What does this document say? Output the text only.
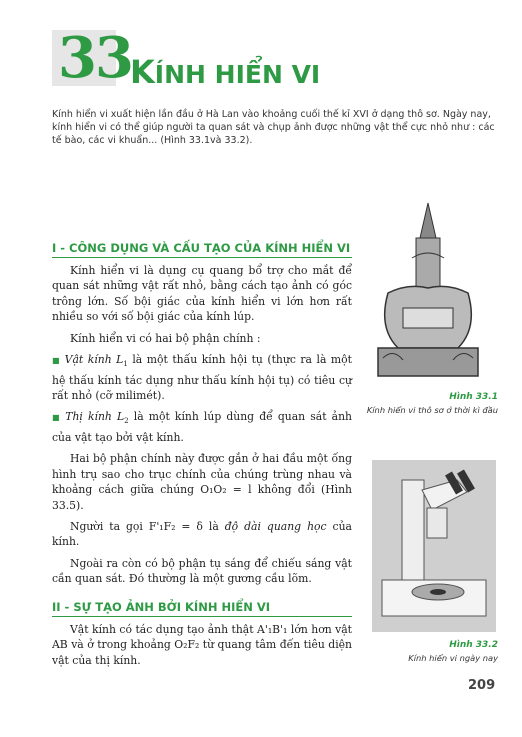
33
KÍNH HIỂN VI
Kính hiển vi xuất hiện lần đầu ở Hà Lan vào khoảng cuối thế kỉ XVI ở dạng thô sơ. Ngày nay, kính hiển vi có thể giúp người ta quan sát và chụp ảnh được những vật thể cực nhỏ như : các tế bào, các vi khuẩn... (Hình 33.1và 33.2).
I - CÔNG DỤNG VÀ CẤU TẠO CỦA KÍNH HIỂN VI

Kính hiển vi là dụng cụ quang bổ trợ cho mắt để quan sát những vật rất nhỏ, bằng cách tạo ảnh có góc trông lớn. Số bội giác của kính hiển vi lớn hơn rất nhiều so với số bội giác của kính lúp.

Kính hiển vi có hai bộ phận chính :

■ Vật kính $L_1$ là một thấu kính hội tụ (thực ra là một hệ thấu kính tác dụng như thấu kính hội tụ) có tiêu cự rất nhỏ (cỡ milimét).

■ Thị kính $L_2$ là một kính lúp dùng để quan sát ảnh của vật tạo bởi vật kính.

Hai bộ phận chính này được gắn ở hai đầu một ống hình trụ sao cho trục chính của chúng trùng nhau và khoảng cách giữa chúng O₁O₂ = l không đổi (Hình 33.5).

Người ta gọi F'₁F₂ = δ là độ dài quang học của kính.

Ngoài ra còn có bộ phận tụ sáng để chiếu sáng vật cần quan sát. Đó thường là một gương cầu lõm.

II - SỰ TẠO ẢNH BỞI KÍNH HIỂN VI

Vật kính có tác dụng tạo ảnh thật A'₁B'₁ lớn hơn vật AB và ở trong khoảng O₂F₂ từ quang tâm đến tiêu diện vật của thị kính.

Hình 33.1
Kính hiển vi thô sơ ở thời kì đầu
Hình 33.2
Kính hiển vi ngày nay
209
